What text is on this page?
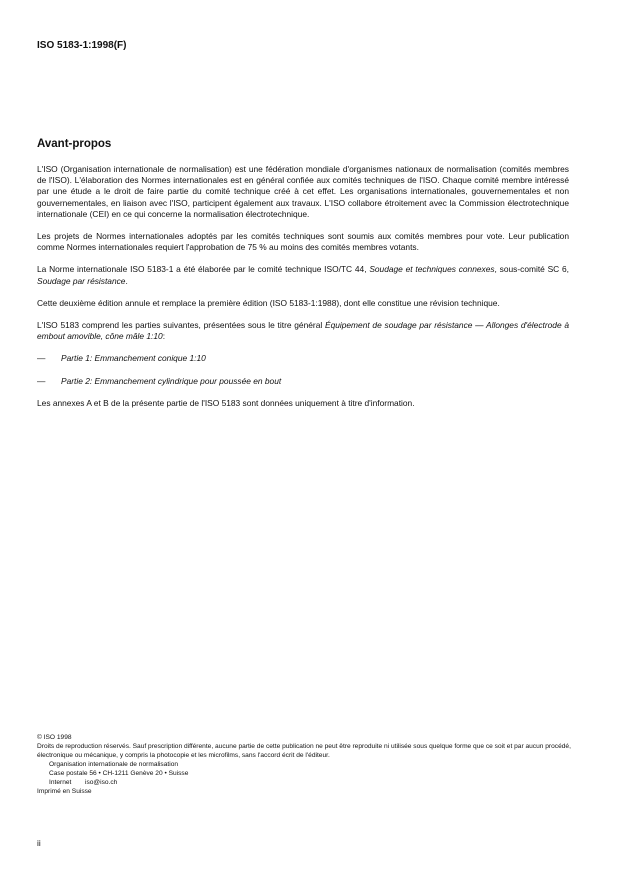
ISO 5183-1:1998(F)
Avant-propos

L'ISO (Organisation internationale de normalisation) est une fédération mondiale d'organismes nationaux de normalisation (comités membres de l'ISO). L'élaboration des Normes internationales est en général confiée aux comités techniques de l'ISO. Chaque comité membre intéressé par une étude a le droit de faire partie du comité technique créé à cet effet. Les organisations internationales, gouvernementales et non gouvernementales, en liaison avec l'ISO, participent également aux travaux. L'ISO collabore étroitement avec la Commission électrotechnique internationale (CEI) en ce qui concerne la normalisation électrotechnique.

Les projets de Normes internationales adoptés par les comités techniques sont soumis aux comités membres pour vote. Leur publication comme Normes internationales requiert l'approbation de 75 % au moins des comités membres votants.

La Norme internationale ISO 5183-1 a été élaborée par le comité technique ISO/TC 44, Soudage et techniques connexes, sous-comité SC 6, Soudage par résistance.

Cette deuxième édition annule et remplace la première édition (ISO 5183-1:1988), dont elle constitue une révision technique.

L'ISO 5183 comprend les parties suivantes, présentées sous le titre général Équipement de soudage par résistance — Allonges d'électrode à embout amovible, cône mâle 1:10:

—	Partie 1: Emmanchement conique 1:10
—	Partie 2: Emmanchement cylindrique pour poussée en bout

Les annexes A et B de la présente partie de l'ISO 5183 sont données uniquement à titre d'information.

© ISO 1998
Droits de reproduction réservés. Sauf prescription différente, aucune partie de cette publication ne peut être reproduite ni utilisée sous quelque forme que ce soit et par aucun procédé, électronique ou mécanique, y compris la photocopie et les microfilms, sans l'accord écrit de l'éditeur.
Organisation internationale de normalisation
Case postale 56 • CH-1211 Genève 20 • Suisse
Internet iso@iso.ch
Imprimé en Suisse
ii
